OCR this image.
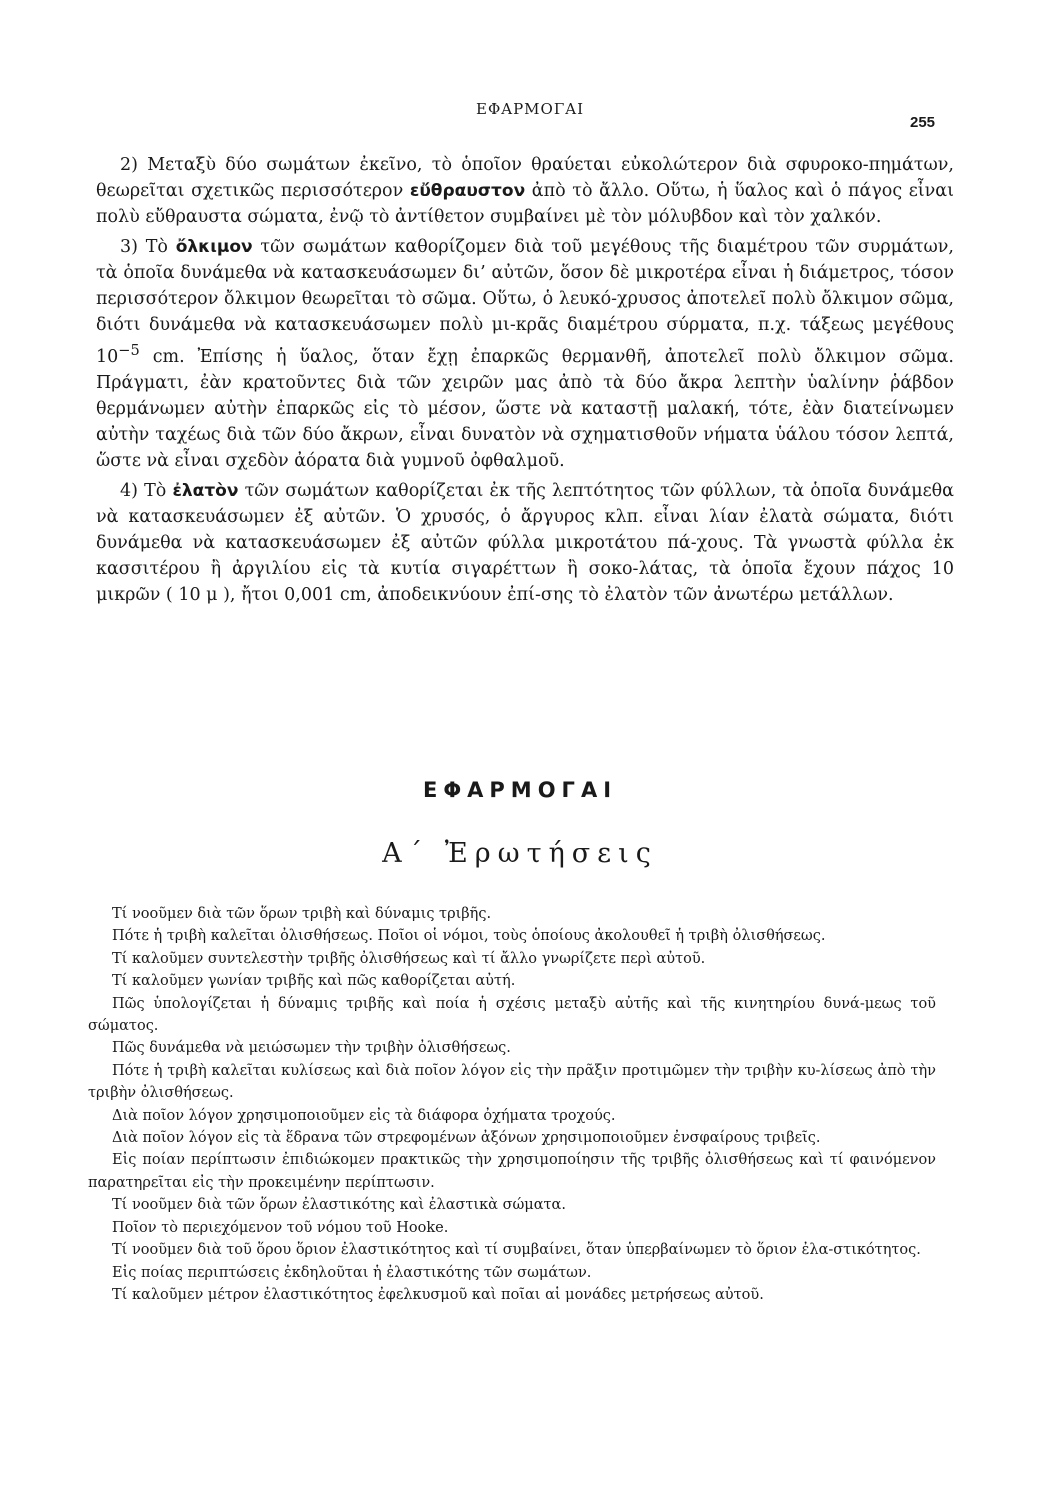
ΕΦΑΡΜΟΓΑΙ
255

2) Μεταξὺ δύο σωμάτων ἐκεῖνο, τὸ ὁποῖον θραύεται εὐκολώτερον διὰ σφυροκο-πημάτων, θεωρεῖται σχετικῶς περισσότερον εὔθραυστον ἀπὸ τὸ ἄλλο. Οὕτω, ἡ ὕαλος καὶ ὁ πάγος εἶναι πολὺ εὔθραυστα σώματα, ἐνῷ τὸ ἀντίθετον συμβαίνει μὲ τὸν μόλυβδον καὶ τὸν χαλκόν.

3) Τὸ ὄλκιμον τῶν σωμάτων καθορίζομεν διὰ τοῦ μεγέθους τῆς διαμέτρου τῶν συρμάτων, τὰ ὁποῖα δυνάμεθα νὰ κατασκευάσωμεν δι’ αὐτῶν, ὅσον δὲ μικροτέρα εἶναι ἡ διάμετρος, τόσον περισσότερον ὄλκιμον θεωρεῖται τὸ σῶμα. Οὕτω, ὁ λευκό-χρυσος ἀποτελεῖ πολὺ ὄλκιμον σῶμα, διότι δυνάμεθα νὰ κατασκευάσωμεν πολὺ μι-κρᾶς διαμέτρου σύρματα, π.χ. τάξεως μεγέθους $10^{-5}$ cm. Ἐπίσης ἡ ὕαλος, ὅταν ἔχῃ ἐπαρκῶς θερμανθῆ, ἀποτελεῖ πολὺ ὄλκιμον σῶμα. Πράγματι, ἐὰν κρατοῦντες διὰ τῶν χειρῶν μας ἀπὸ τὰ δύο ἄκρα λεπτὴν ὑαλίνην ῥάβδον θερμάνωμεν αὐτὴν ἐπαρκῶς εἰς τὸ μέσον, ὥστε νὰ καταστῇ μαλακή, τότε, ἐὰν διατείνωμεν αὐτὴν ταχέως διὰ τῶν δύο ἄκρων, εἶναι δυνατὸν νὰ σχηματισθοῦν νήματα ὑάλου τόσον λεπτά, ὥστε νὰ εἶναι σχεδὸν ἀόρατα διὰ γυμνοῦ ὀφθαλμοῦ.

4) Τὸ ἐλατὸν τῶν σωμάτων καθορίζεται ἐκ τῆς λεπτότητος τῶν φύλλων, τὰ ὁποῖα δυνάμεθα νὰ κατασκευάσωμεν ἐξ αὐτῶν. Ὁ χρυσός, ὁ ἄργυρος κλπ. εἶναι λίαν ἐλατὰ σώματα, διότι δυνάμεθα νὰ κατασκευάσωμεν ἐξ αὐτῶν φύλλα μικροτάτου πά-χους. Τὰ γνωστὰ φύλλα ἐκ κασσιτέρου ἢ ἀργιλίου εἰς τὰ κυτία σιγαρέττων ἢ σοκο-λάτας, τὰ ὁποῖα ἔχουν πάχος 10 μικρῶν ( 10 μ ), ἤτοι 0,001 cm, ἀποδεικνύουν ἐπί-σης τὸ ἐλατὸν τῶν ἀνωτέρω μετάλλων.

ΕΦΑΡΜΟΓΑΙ
Α΄ Ἐρωτήσεις

Τί νοοῦμεν διὰ τῶν ὅρων τριβὴ καὶ δύναμις τριβῆς.

Πότε ἡ τριβὴ καλεῖται ὀλισθήσεως. Ποῖοι οἱ νόμοι, τοὺς ὁποίους ἀκολουθεῖ ἡ τριβὴ ὀλισθήσεως.

Τί καλοῦμεν συντελεστὴν τριβῆς ὀλισθήσεως καὶ τί ἄλλο γνωρίζετε περὶ αὐτοῦ.

Τί καλοῦμεν γωνίαν τριβῆς καὶ πῶς καθορίζεται αὐτή.

Πῶς ὑπολογίζεται ἡ δύναμις τριβῆς καὶ ποία ἡ σχέσις μεταξὺ αὐτῆς καὶ τῆς κινητηρίου δυνά-μεως τοῦ σώματος.

Πῶς δυνάμεθα νὰ μειώσωμεν τὴν τριβὴν ὀλισθήσεως.

Πότε ἡ τριβὴ καλεῖται κυλίσεως καὶ διὰ ποῖον λόγον εἰς τὴν πρᾶξιν προτιμῶμεν τὴν τριβὴν κυ-λίσεως ἀπὸ τὴν τριβὴν ὀλισθήσεως.

Διὰ ποῖον λόγον χρησιμοποιοῦμεν εἰς τὰ διάφορα ὀχήματα τροχούς.

Διὰ ποῖον λόγον εἰς τὰ ἕδρανα τῶν στρεφομένων ἀξόνων χρησιμοποιοῦμεν ἐνσφαίρους τριβεῖς.

Εἰς ποίαν περίπτωσιν ἐπιδιώκομεν πρακτικῶς τὴν χρησιμοποίησιν τῆς τριβῆς ὀλισθήσεως καὶ τί φαινόμενον παρατηρεῖται εἰς τὴν προκειμένην περίπτωσιν.

Τί νοοῦμεν διὰ τῶν ὅρων ἐλαστικότης καὶ ἐλαστικὰ σώματα.

Ποῖον τὸ περιεχόμενον τοῦ νόμου τοῦ Hooke.

Τί νοοῦμεν διὰ τοῦ ὅρου ὅριον ἐλαστικότητος καὶ τί συμβαίνει, ὅταν ὑπερβαίνωμεν τὸ ὅριον ἐλα-στικότητος.

Εἰς ποίας περιπτώσεις ἐκδηλοῦται ἡ ἐλαστικότης τῶν σωμάτων.

Τί καλοῦμεν μέτρον ἐλαστικότητος ἐφελκυσμοῦ καὶ ποῖαι αἱ μονάδες μετρήσεως αὐτοῦ.
